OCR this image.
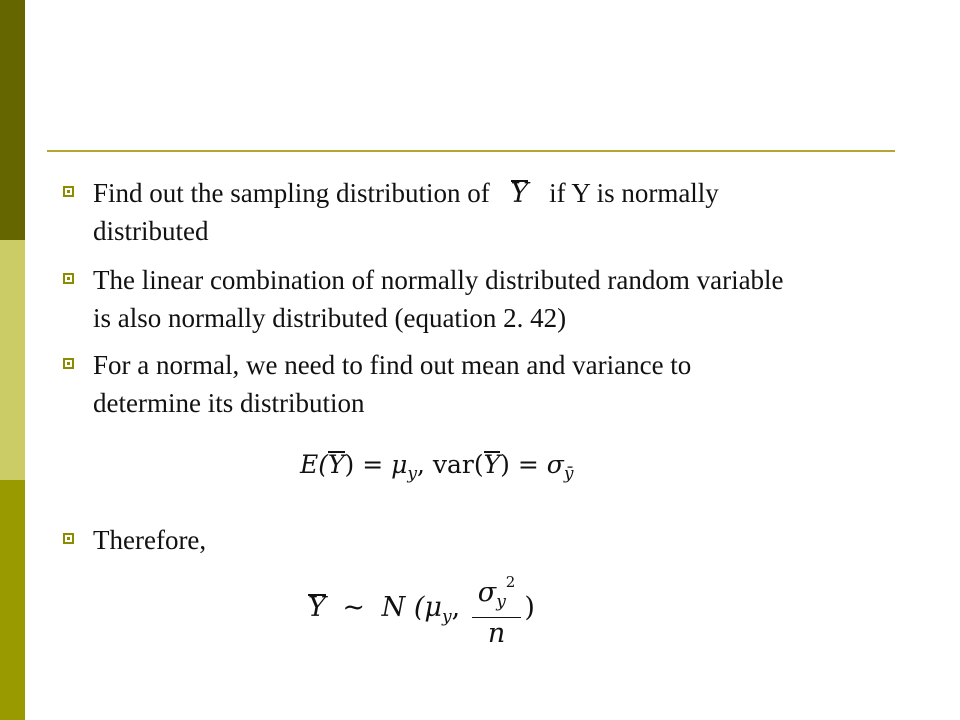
Find out the sampling distribution of Y if Y is normally
distributed
The linear combination of normally distributed random variable
is also normally distributed (equation 2. 42)
For a normal, we need to find out mean and variance to
determine its distribution
$E(Y) = \mu_y$, $var(Y) = \sigma_ȳ$
Therefore,
Y ~ N ($\mu_y$, $\frac{\sigma_y^2}{n}$ )
